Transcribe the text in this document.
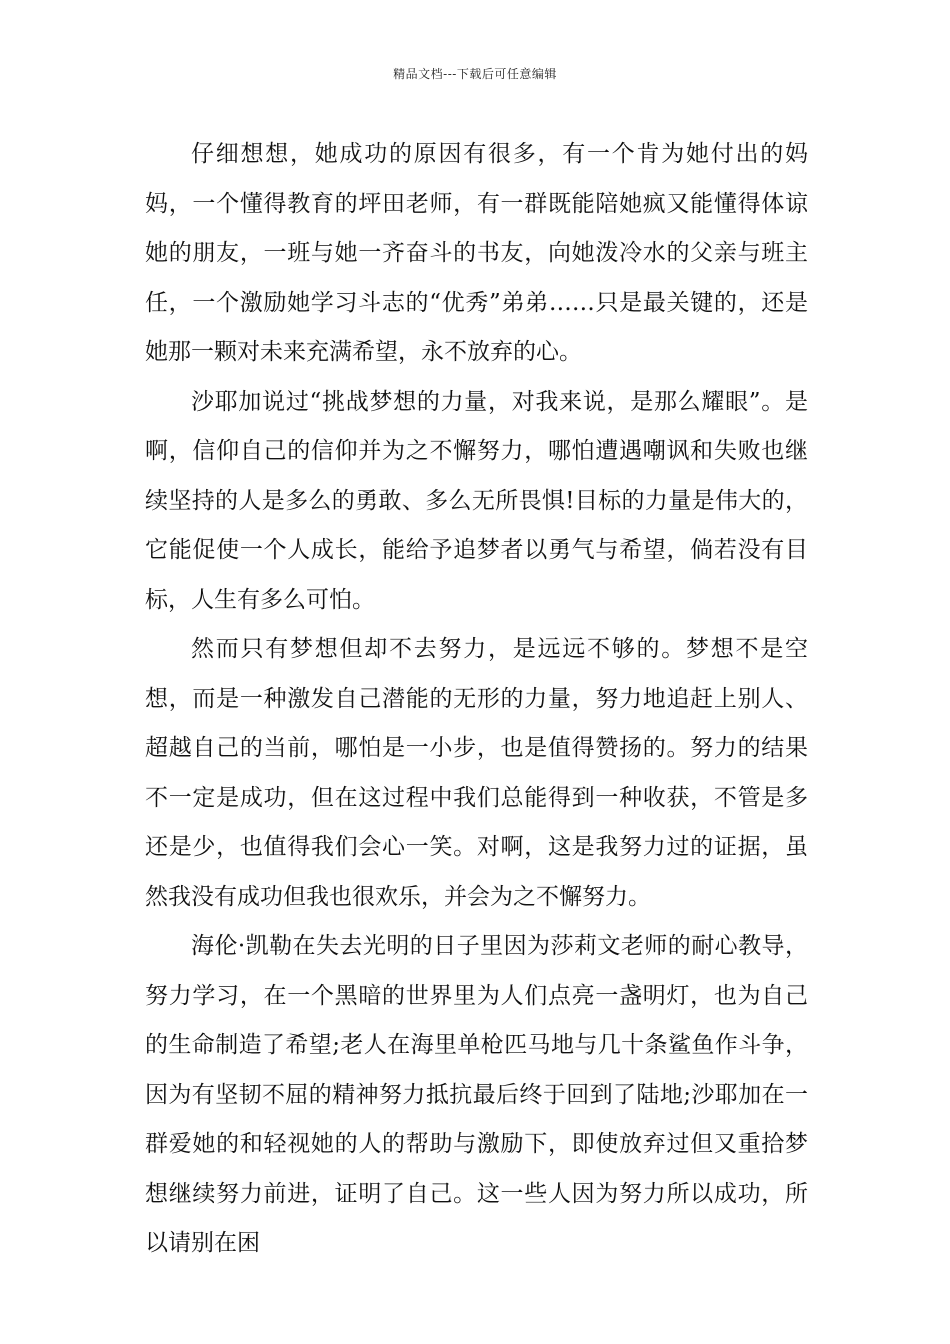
精品文档---下载后可任意编辑

仔细想想，她成功的原因有很多，有一个肯为她付出的妈妈，一个懂得教育的坪田老师，有一群既能陪她疯又能懂得体谅她的朋友，一班与她一齐奋斗的书友，向她泼冷水的父亲与班主任，一个激励她学习斗志的“优秀”弟弟……只是最关键的，还是她那一颗对未来充满希望，永不放弃的心。

沙耶加说过“挑战梦想的力量，对我来说，是那么耀眼”。是啊，信仰自己的信仰并为之不懈努力，哪怕遭遇嘲讽和失败也继续坚持的人是多么的勇敢、多么无所畏惧!目标的力量是伟大的，它能促使一个人成长，能给予追梦者以勇气与希望，倘若没有目标，人生有多么可怕。

然而只有梦想但却不去努力，是远远不够的。梦想不是空想，而是一种激发自己潜能的无形的力量，努力地追赶上别人、超越自己的当前，哪怕是一小步，也是值得赞扬的。努力的结果不一定是成功，但在这过程中我们总能得到一种收获，不管是多还是少，也值得我们会心一笑。对啊，这是我努力过的证据，虽然我没有成功但我也很欢乐，并会为之不懈努力。

海伦·凯勒在失去光明的日子里因为莎莉文老师的耐心教导，努力学习，在一个黑暗的世界里为人们点亮一盏明灯，也为自己的生命制造了希望;老人在海里单枪匹马地与几十条鲨鱼作斗争，因为有坚韧不屈的精神努力抵抗最后终于回到了陆地;沙耶加在一群爱她的和轻视她的人的帮助与激励下，即使放弃过但又重拾梦想继续努力前进，证明了自己。这一些人因为努力所以成功，所以请别在困
